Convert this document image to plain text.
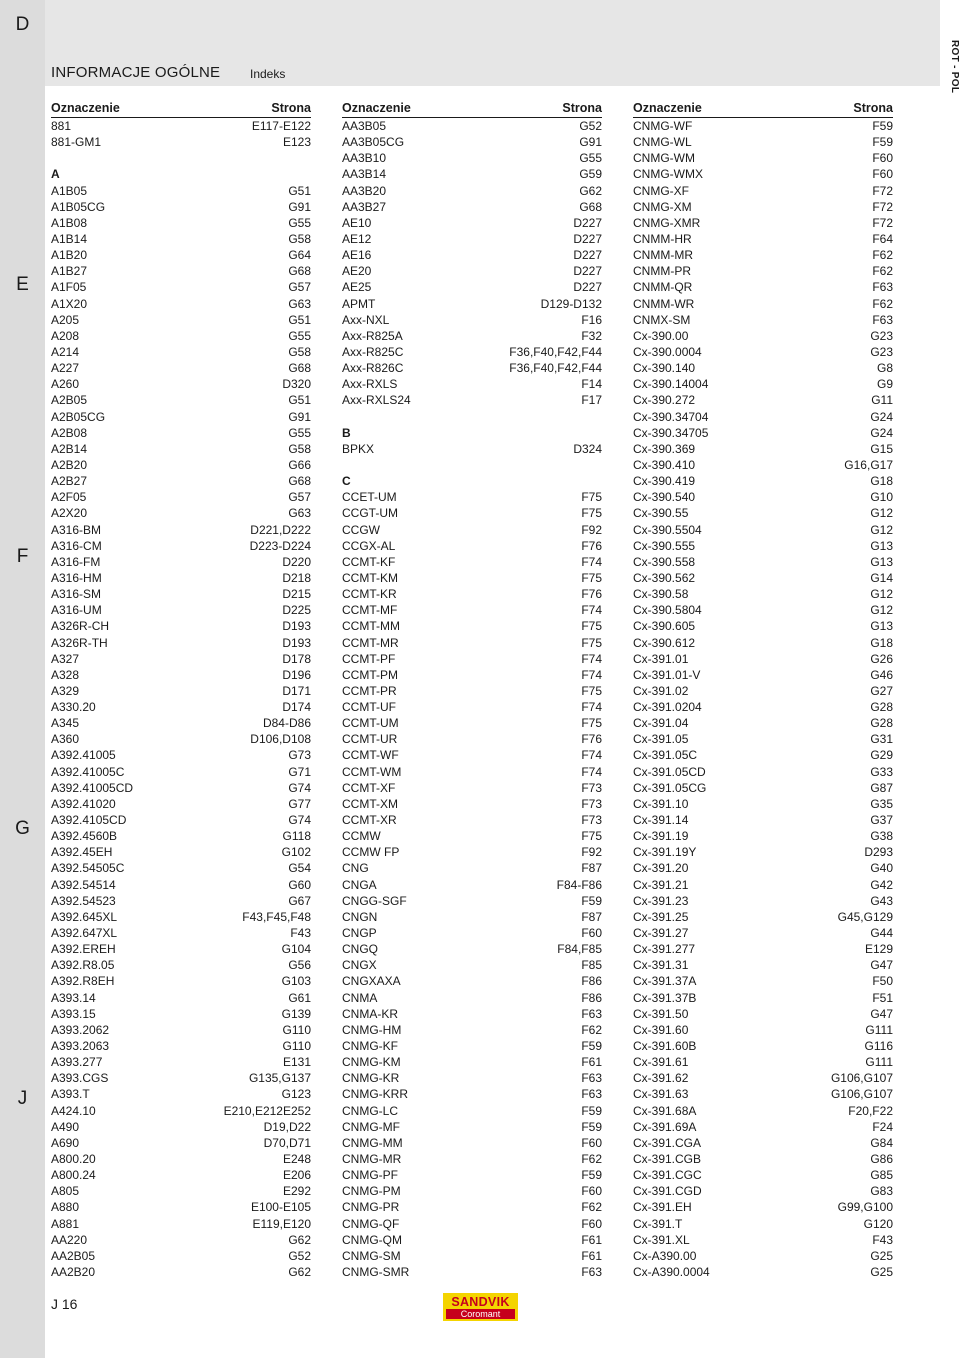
D
E
F
G
J
INFORMACJE OGÓLNE Indeks	ROT - POL
Oznaczenie	Strona
881	E117-E122
881-GM1	E123
A
A1B05	G51
A1B05CG	G91
A1B08	G55
A1B14	G58
A1B20	G64
A1B27	G68
A1F05	G57
A1X20	G63
A205	G51
A208	G55
A214	G58
A227	G68
A260	D320
A2B05	G51
A2B05CG	G91
A2B08	G55
A2B14	G58
A2B20	G66
A2B27	G68
A2F05	G57
A2X20	G63
A316-BM	D221,D222
A316-CM	D223-D224
A316-FM	D220
A316-HM	D218
A316-SM	D215
A316-UM	D225
A326R-CH	D193
A326R-TH	D193
A327	D178
A328	D196
A329	D171
A330.20	D174
A345	D84-D86
A360	D106,D108
A392.41005	G73
A392.41005C	G71
A392.41005CD	G74
A392.41020	G77
A392.4105CD	G74
A392.4560B	G118
A392.45EH	G102
A392.54505C	G54
A392.54514	G60
A392.54523	G67
A392.645XL	F43,F45,F48
A392.647XL	F43
A392.EREH	G104
A392.R8.05	G56
A392.R8EH	G103
A393.14	G61
A393.15	G139
A393.2062	G110
A393.2063	G110
A393.277	E131
A393.CGS	G135,G137
A393.T	G123
A424.10	E210,E212E252
A490	D19,D22
A690	D70,D71
A800.20	E248
A800.24	E206
A805	E292
A880	E100-E105
A881	E119,E120
AA220	G62
AA2B05	G52
AA2B20	G62
Oznaczenie	Strona
AA3B05	G52
AA3B05CG	G91
AA3B10	G55
AA3B14	G59
AA3B20	G62
AA3B27	G68
AE10	D227
AE12	D227
AE16	D227
AE20	D227
AE25	D227
APMT	D129-D132
Axx-NXL	F16
Axx-R825A	F32
Axx-R825C	F36,F40,F42,F44
Axx-R826C	F36,F40,F42,F44
Axx-RXLS	F14
Axx-RXLS24	F17
B
BPKX	D324
C
CCET-UM	F75
CCGT-UM	F75
CCGW	F92
CCGX-AL	F76
CCMT-KF	F74
CCMT-KM	F75
CCMT-KR	F76
CCMT-MF	F74
CCMT-MM	F75
CCMT-MR	F75
CCMT-PF	F74
CCMT-PM	F74
CCMT-PR	F75
CCMT-UF	F74
CCMT-UM	F75
CCMT-UR	F76
CCMT-WF	F74
CCMT-WM	F74
CCMT-XF	F73
CCMT-XM	F73
CCMT-XR	F73
CCMW	F75
CCMW FP	F92
CNG	F87
CNGA	F84-F86
CNGG-SGF	F59
CNGN	F87
CNGP	F60
CNGQ	F84,F85
CNGX	F85
CNGXAXA	F86
CNMA	F86
CNMA-KR	F63
CNMG-HM	F62
CNMG-KF	F59
CNMG-KM	F61
CNMG-KR	F63
CNMG-KRR	F63
CNMG-LC	F59
CNMG-MF	F59
CNMG-MM	F60
CNMG-MR	F62
CNMG-PF	F59
CNMG-PM	F60
CNMG-PR	F62
CNMG-QF	F60
CNMG-QM	F61
CNMG-SM	F61
CNMG-SMR	F63
Oznaczenie	Strona
CNMG-WF	F59
CNMG-WL	F59
CNMG-WM	F60
CNMG-WMX	F60
CNMG-XF	F72
CNMG-XM	F72
CNMG-XMR	F72
CNMM-HR	F64
CNMM-MR	F62
CNMM-PR	F62
CNMM-QR	F63
CNMM-WR	F62
CNMX-SM	F63
Cx-390.00	G23
Cx-390.0004	G23
Cx-390.140	G8
Cx-390.14004	G9
Cx-390.272	G11
Cx-390.34704	G24
Cx-390.34705	G24
Cx-390.369	G15
Cx-390.410	G16,G17
Cx-390.419	G18
Cx-390.540	G10
Cx-390.55	G12
Cx-390.5504	G12
Cx-390.555	G13
Cx-390.558	G13
Cx-390.562	G14
Cx-390.58	G12
Cx-390.5804	G12
Cx-390.605	G13
Cx-390.612	G18
Cx-391.01	G26
Cx-391.01-V	G46
Cx-391.02	G27
Cx-391.0204	G28
Cx-391.04	G28
Cx-391.05	G31
Cx-391.05C	G29
Cx-391.05CD	G33
Cx-391.05CG	G87
Cx-391.10	G35
Cx-391.14	G37
Cx-391.19	G38
Cx-391.19Y	D293
Cx-391.20	G40
Cx-391.21	G42
Cx-391.23	G43
Cx-391.25	G45,G129
Cx-391.27	G44
Cx-391.277	E129
Cx-391.31	G47
Cx-391.37A	F50
Cx-391.37B	F51
Cx-391.50	G47
Cx-391.60	G111
Cx-391.60B	G116
Cx-391.61	G111
Cx-391.62	G106,G107
Cx-391.63	G106,G107
Cx-391.68A	F20,F22
Cx-391.69A	F24
Cx-391.CGA	G84
Cx-391.CGB	G86
Cx-391.CGC	G85
Cx-391.CGD	G83
Cx-391.EH	G99,G100
Cx-391.T	G120
Cx-391.XL	F43
Cx-A390.00	G25
Cx-A390.0004	G25
J 16	SANDVIK
Coromant
